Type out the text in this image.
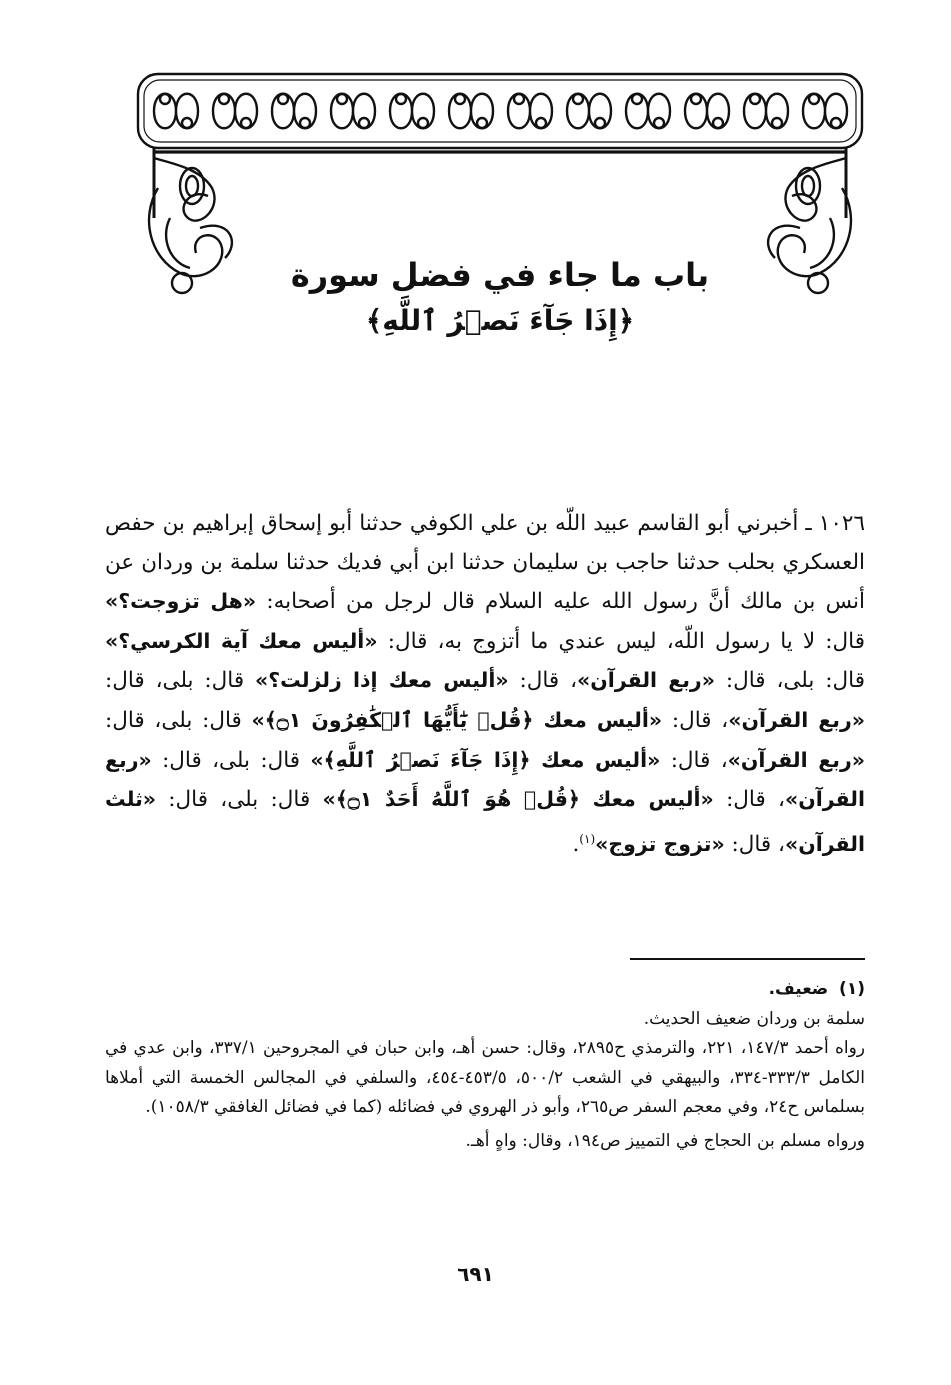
باب ما جاء في فضل سورة
﴿إِذَا جَآءَ نَصۡرُ ٱللَّهِ﴾

١٠٢٦ ـ أخبرني أبو القاسم عبيد اللّه بن علي الكوفي حدثنا أبو إسحاق إبراهيم بن حفص العسكري بحلب حدثنا حاجب بن سليمان حدثنا ابن أبي فديك حدثنا سلمة بن وردان عن أنس بن مالك أنَّ رسول الله عليه السلام قال لرجل من أصحابه: «هل تزوجت؟» قال: لا يا رسول اللّه، ليس عندي ما أتزوج به، قال: «أليس معك آية الكرسي؟» قال: بلى، قال: «ربع القرآن»، قال: «أليس معك إذا زلزلت؟» قال: بلى، قال: «ربع القرآن»، قال: «أليس معك ﴿قُلۡ يَٰٓأَيُّهَا ٱلۡكَٰفِرُونَ ۝١﴾» قال: بلى، قال: «ربع القرآن»، قال: «أليس معك ﴿إِذَا جَآءَ نَصۡرُ ٱللَّهِ﴾» قال: بلى، قال: «ربع القرآن»، قال: «أليس معك ﴿قُلۡ هُوَ ٱللَّهُ أَحَدٌ ۝١﴾» قال: بلى، قال: «ثلث القرآن»، قال: «تزوج تزوج»$^{(١)}$.

(١)  ضعيف.

سلمة بن وردان ضعيف الحديث.

رواه أحمد ١٤٧/٣، ٢٢١، والترمذي ح٢٨٩٥، وقال: حسن أهـ، وابن حبان في المجروحين ٣٣٧/١، وابن عدي في الكامل ٣٣٣/٣-٣٣٤، والبيهقي في الشعب ٥٠٠/٢، ٤٥٣/٥-٤٥٤، والسلفي في المجالس الخمسة التي أملاها بسلماس ح٢٤، وفي معجم السفر ص٢٦٥، وأبو ذر الهروي في فضائله (كما في فضائل الغافقي ١٠٥٨/٣).

ورواه مسلم بن الحجاج في التمييز ص١٩٤، وقال: واهٍ أهـ.

٦٩١
